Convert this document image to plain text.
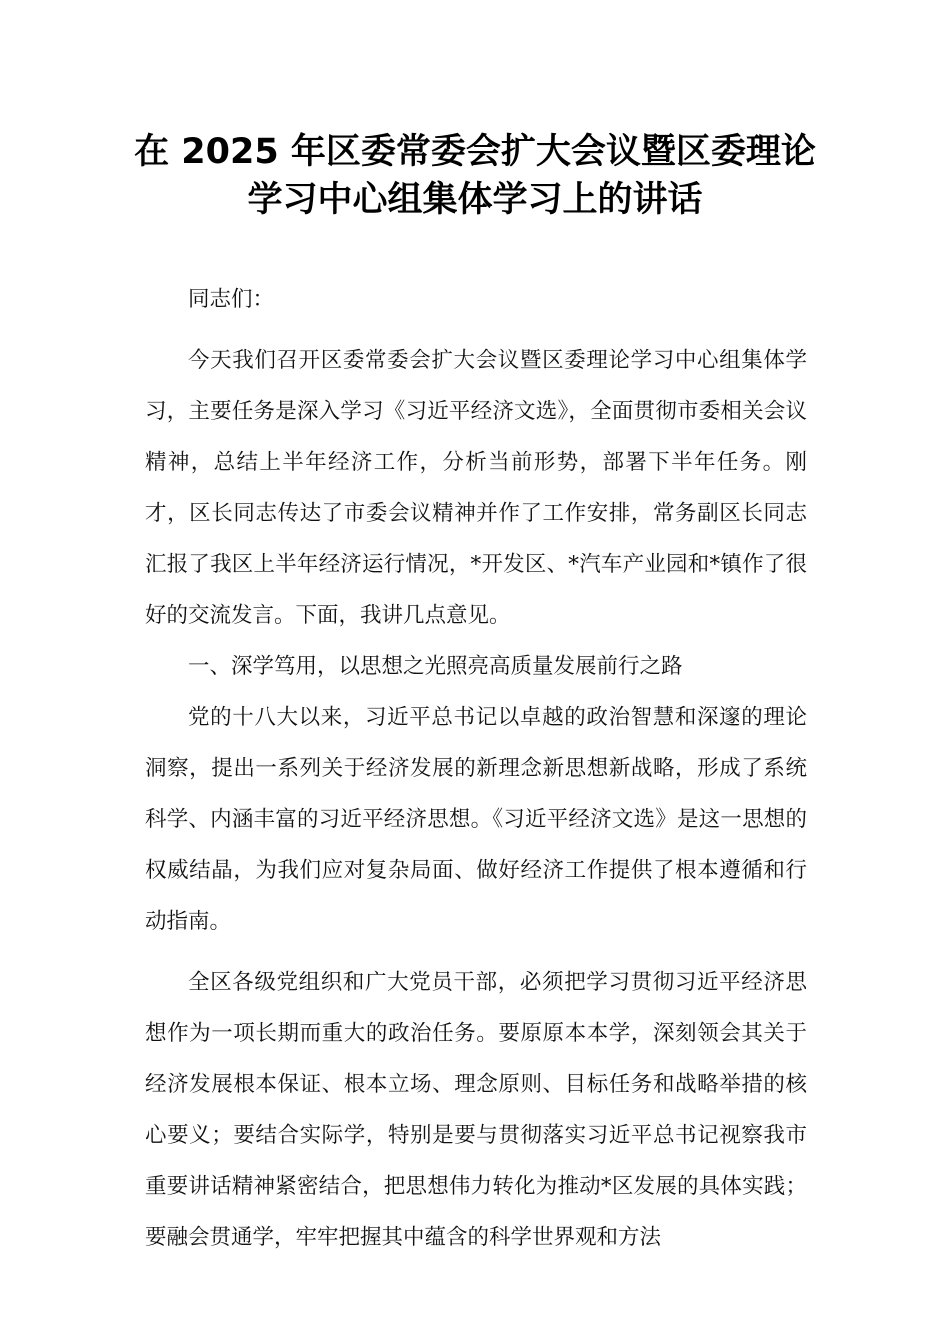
在 2025 年区委常委会扩大会议暨区委理论
学习中心组集体学习上的讲话

同志们：

今天我们召开区委常委会扩大会议暨区委理论学习中心组集体学习，主要任务是深入学习《习近平经济文选》，全面贯彻市委相关会议精神，总结上半年经济工作，分析当前形势，部署下半年任务。刚才，区长同志传达了市委会议精神并作了工作安排，常务副区长同志汇报了我区上半年经济运行情况，*开发区、*汽车产业园和*镇作了很好的交流发言。下面，我讲几点意见。

一、深学笃用，以思想之光照亮高质量发展前行之路

党的十八大以来，习近平总书记以卓越的政治智慧和深邃的理论洞察，提出一系列关于经济发展的新理念新思想新战略，形成了系统科学、内涵丰富的习近平经济思想。《习近平经济文选》是这一思想的权威结晶，为我们应对复杂局面、做好经济工作提供了根本遵循和行动指南。

全区各级党组织和广大党员干部，必须把学习贯彻习近平经济思想作为一项长期而重大的政治任务。要原原本本学，深刻领会其关于经济发展根本保证、根本立场、理念原则、目标任务和战略举措的核心要义；要结合实际学，特别是要与贯彻落实习近平总书记视察我市重要讲话精神紧密结合，把思想伟力转化为推动*区发展的具体实践；要融会贯通学，牢牢把握其中蕴含的科学世界观和方法
